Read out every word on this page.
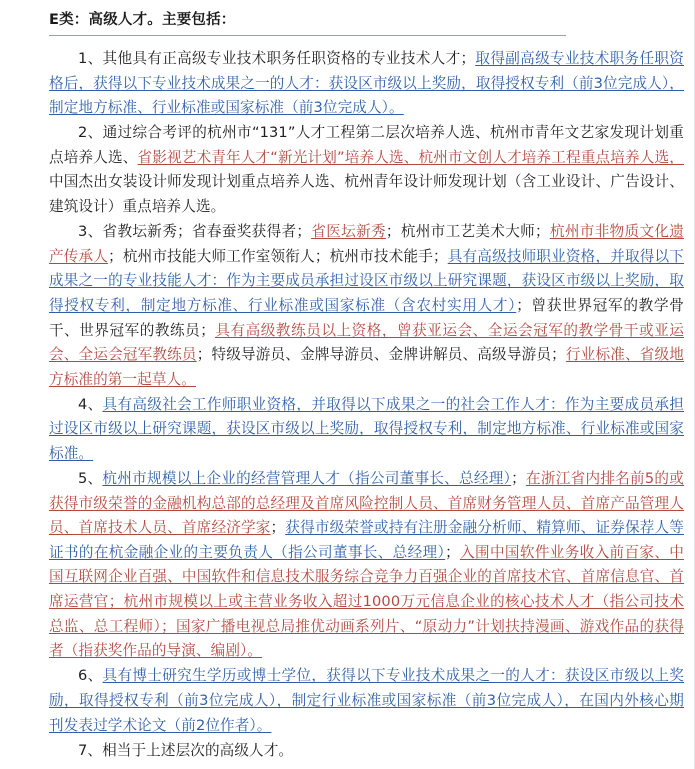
E类：高级人才。主要包括：

1、其他具有正高级专业技术职务任职资格的专业技术人才；取得副高级专业技术职务任职资格后，获得以下专业技术成果之一的人才：获设区市级以上奖励，取得授权专利（前3位完成人），制定地方标准、行业标准或国家标准（前3位完成人）。

2、通过综合考评的杭州市“131”人才工程第二层次培养人选、杭州市青年文艺家发现计划重点培养人选、省影视艺术青年人才“新光计划”培养人选、杭州市文创人才培养工程重点培养人选，中国杰出女装设计师发现计划重点培养人选、杭州青年设计师发现计划（含工业设计、广告设计、建筑设计）重点培养人选。

3、省教坛新秀；省春蚕奖获得者；省医坛新秀；杭州市工艺美术大师；杭州市非物质文化遗产传承人；杭州市技能大师工作室领衔人；杭州市技术能手；具有高级技师职业资格，并取得以下成果之一的专业技能人才：作为主要成员承担过设区市级以上研究课题，获设区市级以上奖励，取得授权专利，制定地方标准、行业标准或国家标准（含农村实用人才）；曾获世界冠军的教学骨干、世界冠军的教练员；具有高级教练员以上资格，曾获亚运会、全运会冠军的教学骨干或亚运会、全运会冠军教练员；特级导游员、金牌导游员、金牌讲解员、高级导游员；行业标准、省级地方标准的第一起草人。

4、具有高级社会工作师职业资格，并取得以下成果之一的社会工作人才：作为主要成员承担过设区市级以上研究课题，获设区市级以上奖励，取得授权专利，制定地方标准、行业标准或国家标准。

5、杭州市规模以上企业的经营管理人才（指公司董事长、总经理）；在浙江省内排名前5的或获得市级荣誉的金融机构总部的总经理及首席风险控制人员、首席财务管理人员、首席产品管理人员、首席技术人员、首席经济学家；获得市级荣誉或持有注册金融分析师、精算师、证券保荐人等证书的在杭金融企业的主要负责人（指公司董事长、总经理）；入围中国软件业务收入前百家、中国互联网企业百强、中国软件和信息技术服务综合竞争力百强企业的首席技术官、首席信息官、首席运营官；杭州市规模以上或主营业务收入超过1000万元信息企业的核心技术人才（指公司技术总监、总工程师）；国家广播电视总局推优动画系列片、“原动力”计划扶持漫画、游戏作品的获得者（指获奖作品的导演、编剧）。

6、具有博士研究生学历或博士学位，获得以下专业技术成果之一的人才：获设区市级以上奖励，取得授权专利（前3位完成人），制定行业标准或国家标准（前3位完成人），在国内外核心期刊发表过学术论文（前2位作者）。

7、相当于上述层次的高级人才。
